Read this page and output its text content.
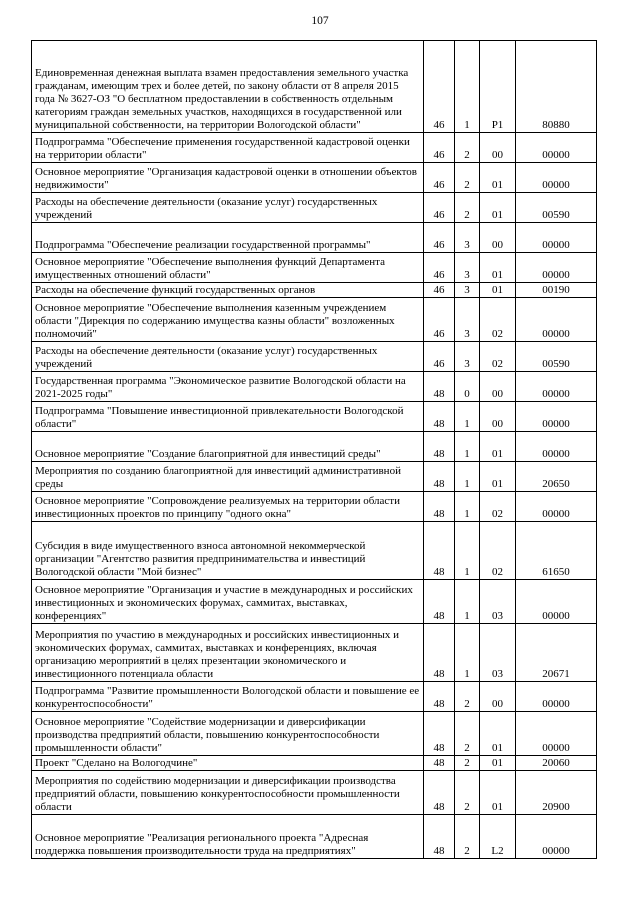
107
Единовременная денежная выплата взамен предоставления земельного участка гражданам, имеющим трех и более детей, по закону области от 8 апреля 2015 года № 3627-ОЗ "О бесплатном предоставлении в собственность отдельным категориям граждан земельных участков, находящихся в государственной или муниципальной собственности, на территории Вологодской области"	46	1	P1	80880
Подпрограмма "Обеспечение применения государственной кадастровой оценки на территории области"	46	2	00	00000
Основное мероприятие "Организация кадастровой оценки в отношении объектов недвижимости"	46	2	01	00000
Расходы на обеспечение деятельности (оказание услуг) государственных учреждений	46	2	01	00590
Подпрограмма "Обеспечение реализации государственной программы"	46	3	00	00000
Основное мероприятие "Обеспечение выполнения функций Департамента имущественных отношений области"	46	3	01	00000
Расходы на обеспечение функций государственных органов	46	3	01	00190
Основное мероприятие "Обеспечение выполнения казенным учреждением области "Дирекция по содержанию имущества казны области" возложенных полномочий"	46	3	02	00000
Расходы на обеспечение деятельности (оказание услуг) государственных учреждений	46	3	02	00590
Государственная программа "Экономическое развитие Вологодской области на 2021-2025 годы"	48	0	00	00000
Подпрограмма "Повышение инвестиционной привлекательности Вологодской области"	48	1	00	00000
Основное мероприятие "Создание благоприятной для инвестиций среды"	48	1	01	00000
Мероприятия по созданию благоприятной для инвестиций административной среды	48	1	01	20650
Основное мероприятие "Сопровождение реализуемых на территории области инвестиционных проектов по принципу "одного окна"	48	1	02	00000
Субсидия в виде имущественного взноса автономной некоммерческой организации "Агентство развития предпринимательства и инвестиций Вологодской области "Мой бизнес"	48	1	02	61650
Основное мероприятие "Организация и участие в международных и российских инвестиционных и экономических форумах, саммитах, выставках, конференциях"	48	1	03	00000
Мероприятия по участию в международных и российских инвестиционных и экономических форумах, саммитах, выставках и конференциях, включая организацию мероприятий в целях презентации экономического и инвестиционного потенциала области	48	1	03	20671
Подпрограмма "Развитие промышленности Вологодской области и повышение ее конкурентоспособности"	48	2	00	00000
Основное мероприятие "Содействие модернизации и диверсификации производства предприятий области, повышению конкурентоспособности промышленности области"	48	2	01	00000
Проект "Сделано на Вологодчине"	48	2	01	20060
Мероприятия по содействию модернизации и диверсификации производства предприятий области, повышению конкурентоспособности промышленности области	48	2	01	20900
Основное мероприятие "Реализация регионального проекта "Адресная поддержка повышения производительности труда на предприятиях"	48	2	L2	00000
